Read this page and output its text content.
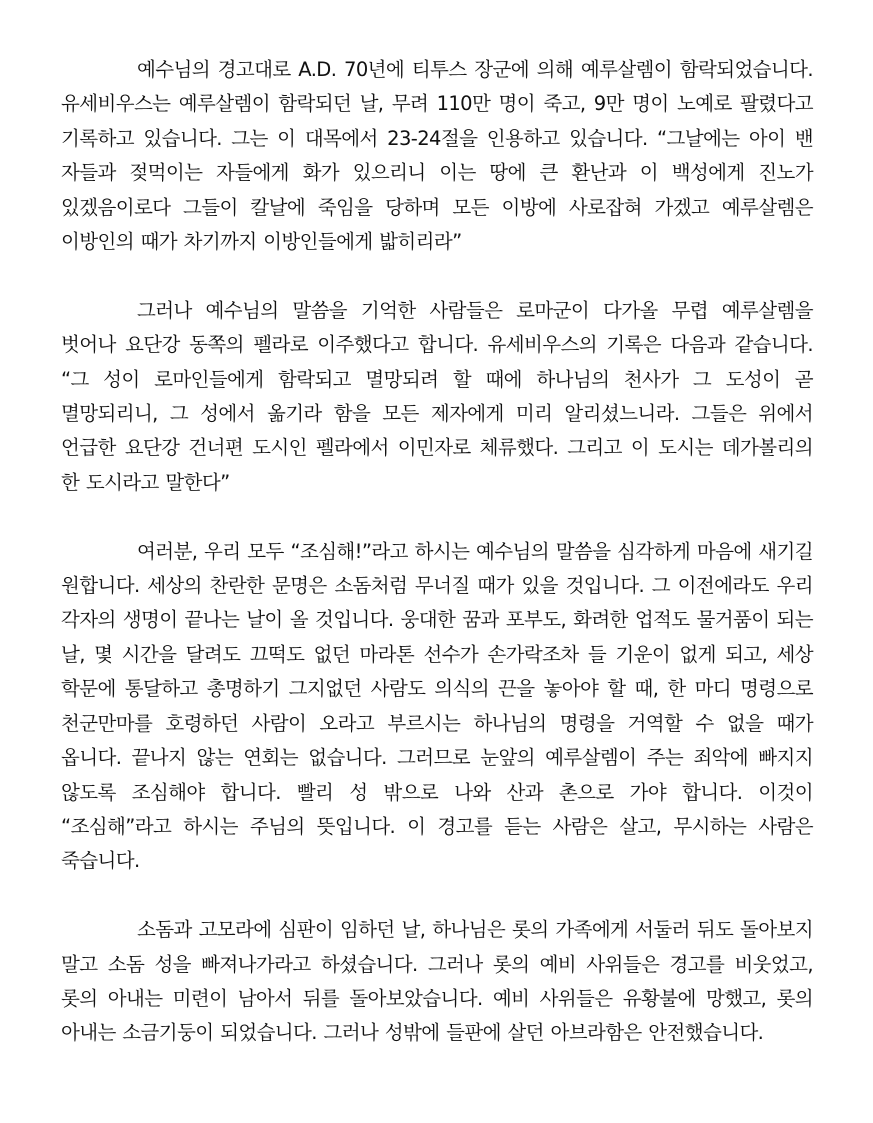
예수님의 경고대로 A.D. 70년에 티투스 장군에 의해 예루살렘이 함락되었습니다. 유세비우스는 예루살렘이 함락되던 날, 무려 110만 명이 죽고, 9만 명이 노예로 팔렸다고 기록하고 있습니다. 그는 이 대목에서 23-24절을 인용하고 있습니다. “그날에는 아이 밴 자들과 젖먹이는 자들에게 화가 있으리니 이는 땅에 큰 환난과 이 백성에게 진노가 있겠음이로다 그들이 칼날에 죽임을 당하며 모든 이방에 사로잡혀 가겠고 예루살렘은 이방인의 때가 차기까지 이방인들에게 밟히리라”

그러나 예수님의 말씀을 기억한 사람들은 로마군이 다가올 무렵 예루살렘을 벗어나 요단강 동쪽의 펠라로 이주했다고 합니다. 유세비우스의 기록은 다음과 같습니다. “그 성이 로마인들에게 함락되고 멸망되려 할 때에 하나님의 천사가 그 도성이 곧 멸망되리니, 그 성에서 옮기라 함을 모든 제자에게 미리 알리셨느니라. 그들은 위에서 언급한 요단강 건너편 도시인 펠라에서 이민자로 체류했다. 그리고 이 도시는 데가볼리의 한 도시라고 말한다”

여러분, 우리 모두 “조심해!”라고 하시는 예수님의 말씀을 심각하게 마음에 새기길 원합니다. 세상의 찬란한 문명은 소돔처럼 무너질 때가 있을 것입니다. 그 이전에라도 우리 각자의 생명이 끝나는 날이 올 것입니다. 웅대한 꿈과 포부도, 화려한 업적도 물거품이 되는 날, 몇 시간을 달려도 끄떡도 없던 마라톤 선수가 손가락조차 들 기운이 없게 되고, 세상 학문에 통달하고 총명하기 그지없던 사람도 의식의 끈을 놓아야 할 때, 한 마디 명령으로 천군만마를 호령하던 사람이 오라고 부르시는 하나님의 명령을 거역할 수 없을 때가 옵니다. 끝나지 않는 연회는 없습니다. 그러므로 눈앞의 예루살렘이 주는 죄악에 빠지지 않도록 조심해야 합니다. 빨리 성 밖으로 나와 산과 촌으로 가야 합니다. 이것이 “조심해”라고 하시는 주님의 뜻입니다. 이 경고를 듣는 사람은 살고, 무시하는 사람은 죽습니다.

소돔과 고모라에 심판이 임하던 날, 하나님은 롯의 가족에게 서둘러 뒤도 돌아보지 말고 소돔 성을 빠져나가라고 하셨습니다. 그러나 롯의 예비 사위들은 경고를 비웃었고, 롯의 아내는 미련이 남아서 뒤를 돌아보았습니다. 예비 사위들은 유황불에 망했고, 롯의 아내는 소금기둥이 되었습니다. 그러나 성밖에 들판에 살던 아브라함은 안전했습니다.
